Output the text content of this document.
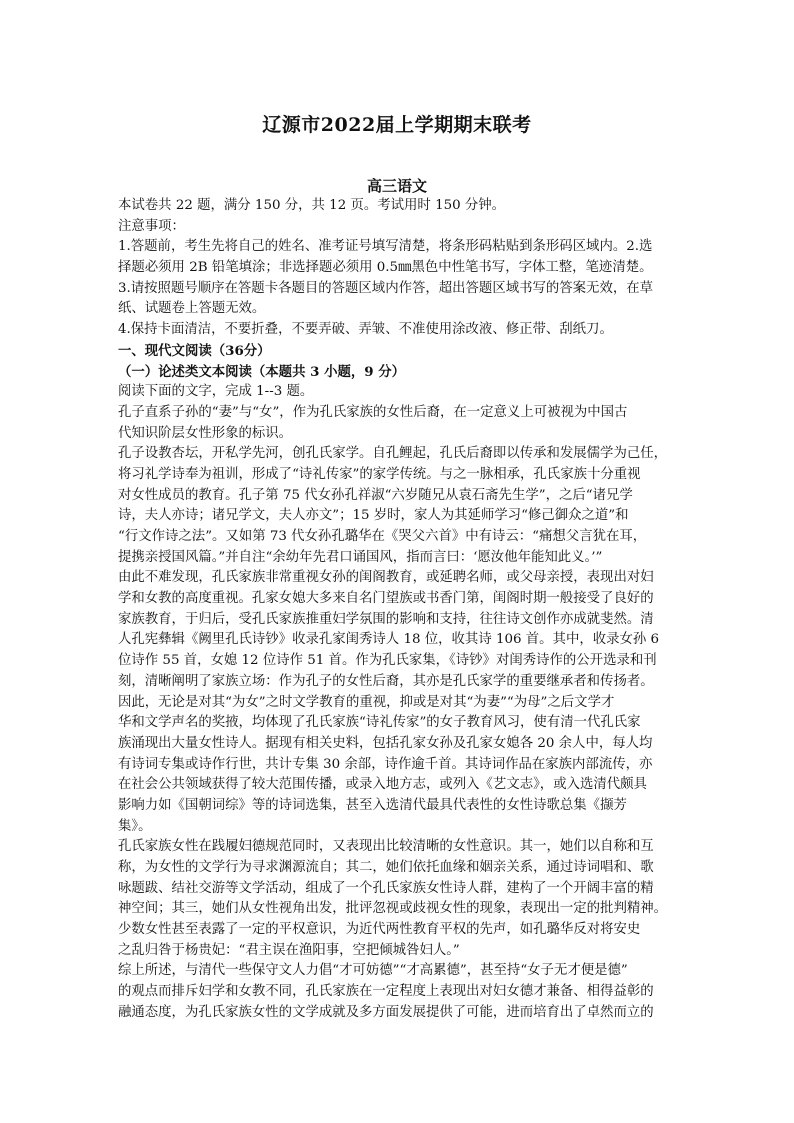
辽源市2022届上学期期末联考
高三语文
本试卷共 22 题，满分 150 分，共 12 页。考试用时 150 分钟。
注意事项：
1.答题前，考生先将自己的姓名、准考证号填写清楚，将条形码粘贴到条形码区域内。2.选
择题必须用 2B 铅笔填涂；非选择题必须用 0.5㎜黑色中性笔书写，字体工整，笔迹清楚。
3.请按照题号顺序在答题卡各题目的答题区域内作答，超出答题区域书写的答案无效，在草
纸、试题卷上答题无效。
4.保持卡面清洁，不要折叠，不要弄破、弄皱、不准使用涂改液、修正带、刮纸刀。
一、现代文阅读（36分）
（一）论述类文本阅读（本题共 3 小题，9 分）
阅读下面的文字，完成 1--3 题。
孔子直系子孙的“妻”与“女”，作为孔氏家族的女性后裔，在一定意义上可被视为中国古
代知识阶层女性形象的标识。
孔子设教杏坛，开私学先河，创孔氏家学。自孔鲤起，孔氏后裔即以传承和发展儒学为己任，
将习礼学诗奉为祖训，形成了“诗礼传家”的家学传统。与之一脉相承，孔氏家族十分重视
对女性成员的教育。孔子第 75 代女孙孔祥淑“六岁随兄从袁石斋先生学”，之后“诸兄学
诗，夫人亦诗；诸兄学文，夫人亦文”；15 岁时，家人为其延师学习“修己御众之道”和
“行文作诗之法”。又如第 73 代女孙孔璐华在《哭父六首》中有诗云：“痛想父言犹在耳，
提携亲授国风篇。”并自注“余幼年先君口诵国风，指而言曰：‘愿汝他年能知此义。’”
由此不难发现，孔氏家族非常重视女孙的闺阁教育，或延聘名师，或父母亲授，表现出对妇
学和女教的高度重视。孔家女媳大多来自名门望族或书香门第，闺阁时期一般接受了良好的
家族教育，于归后，受孔氏家族推重妇学氛围的影响和支持，往往诗文创作亦成就斐然。清
人孔宪彝辑《阙里孔氏诗钞》收录孔家闺秀诗人 18 位，收其诗 106 首。其中，收录女孙 6
位诗作 55 首，女媳 12 位诗作 51 首。作为孔氏家集，《诗钞》对闺秀诗作的公开选录和刊
刻，清晰阐明了家族立场：作为孔子的女性后裔，其亦是孔氏家学的重要继承者和传扬者。
因此，无论是对其“为女”之时文学教育的重视，抑或是对其“为妻”“为母”之后文学才
华和文学声名的奖掖，均体现了孔氏家族“诗礼传家”的女子教育风习，使有清一代孔氏家
族涌现出大量女性诗人。据现有相关史料，包括孔家女孙及孔家女媳各 20 余人中，每人均
有诗词专集或诗作行世，共计专集 30 余部，诗作逾千首。其诗词作品在家族内部流传，亦
在社会公共领域获得了较大范围传播，或录入地方志，或列入《艺文志》，或入选清代颇具
影响力如《国朝词综》等的诗词选集，甚至入选清代最具代表性的女性诗歌总集《撷芳
集》。
孔氏家族女性在践履妇德规范同时，又表现出比较清晰的女性意识。其一，她们以自称和互
称，为女性的文学行为寻求渊源流自；其二，她们依托血缘和姻亲关系，通过诗词唱和、歌
咏题跋、结社交游等文学活动，组成了一个孔氏家族女性诗人群，建构了一个开阔丰富的精
神空间；其三，她们从女性视角出发，批评忽视或歧视女性的现象，表现出一定的批判精神。
少数女性甚至表露了一定的平权意识，为近代两性教育平权的先声，如孔璐华反对将安史
之乱归咎于杨贵妃：“君主误在渔阳事，空把倾城咎妇人。”
综上所述，与清代一些保守文人力倡“才可妨德”“才高累德”，甚至持“女子无才便是德”
的观点而排斥妇学和女教不同，孔氏家族在一定程度上表现出对妇女德才兼备、相得益彰的
融通态度，为孔氏家族女性的文学成就及多方面发展提供了可能，进而培育出了卓然而立的
